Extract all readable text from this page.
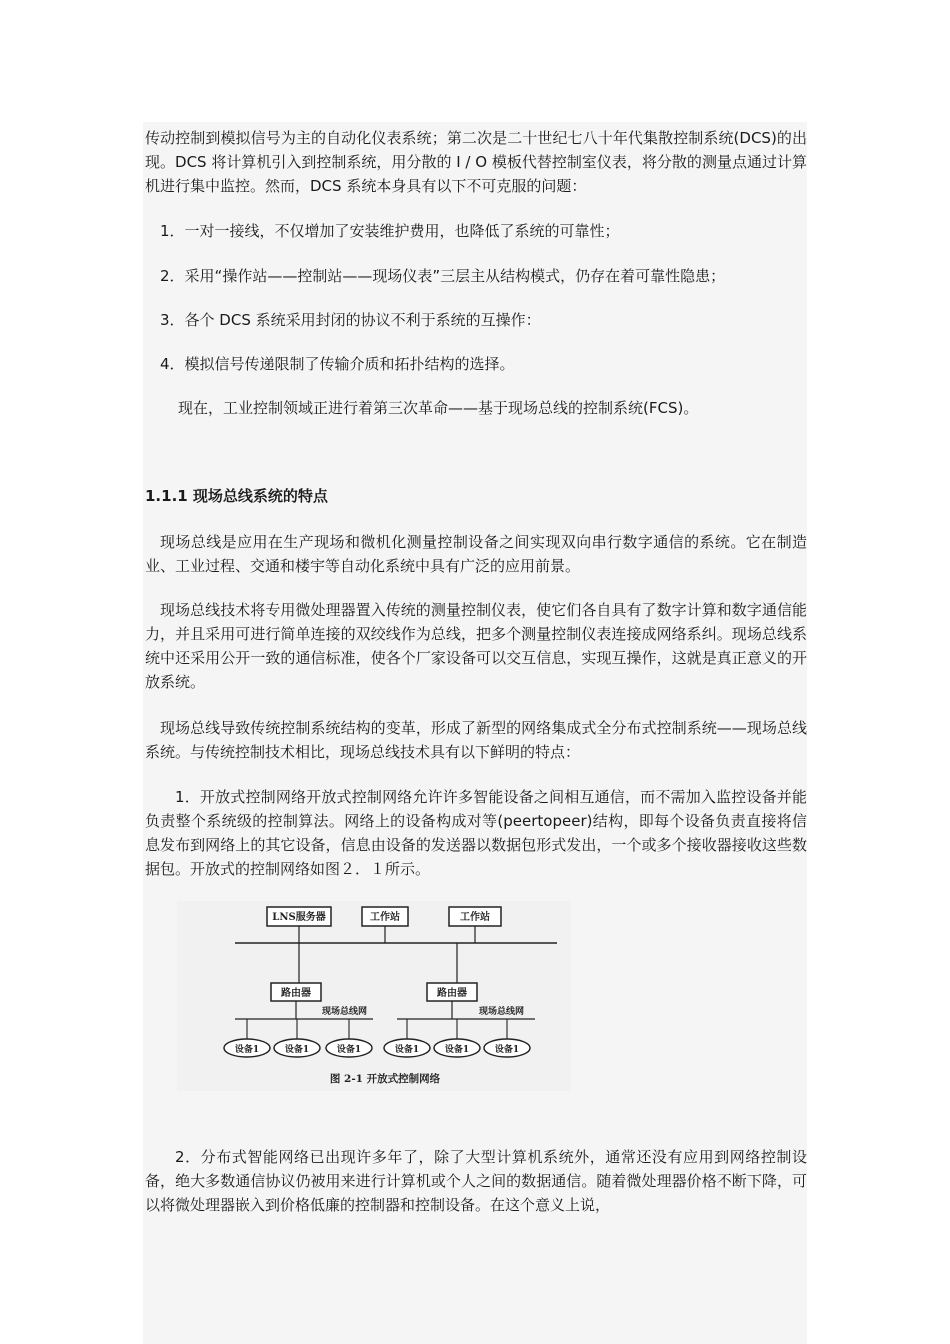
传动控制到模拟信号为主的自动化仪表系统；第二次是二十世纪七八十年代集散控制系统(DCS)的出现。DCS 将计算机引入到控制系统，用分散的 I / O 模板代替控制室仪表，将分散的测量点通过计算机进行集中监控。然而，DCS 系统本身具有以下不可克服的问题：
1．一对一接线，不仅增加了安装维护费用，也降低了系统的可靠性；
2．采用“操作站——控制站——现场仪表”三层主从结构模式，仍存在着可靠性隐患；
3．各个 DCS 系统采用封闭的协议不利于系统的互操作：
4．模拟信号传递限制了传输介质和拓扑结构的选择。
现在，工业控制领域正进行着第三次革命——基于现场总线的控制系统(FCS)。
1.1.1 现场总线系统的特点
现场总线是应用在生产现场和微机化测量控制设备之间实现双向串行数字通信的系统。它在制造业、工业过程、交通和楼宇等自动化系统中具有广泛的应用前景。
现场总线技术将专用微处理器置入传统的测量控制仪表，使它们各自具有了数字计算和数字通信能力，并且采用可进行简单连接的双绞线作为总线，把多个测量控制仪表连接成网络系纠。现场总线系统中还采用公开一致的通信标准，使各个厂家设备可以交互信息，实现互操作，这就是真正意义的开放系统。
现场总线导致传统控制系统结构的变革，形成了新型的网络集成式全分布式控制系统——现场总线系统。与传统控制技术相比，现场总线技术具有以下鲜明的特点：
1．开放式控制网络开放式控制网络允许许多智能设备之间相互通信，而不需加入监控设备并能负责整个系统级的控制算法。网络上的设备构成对等(peertopeer)结构，即每个设备负责直接将信息发布到网络上的其它设备，信息由设备的发送器以数据包形式发出，一个或多个接收器接收这些数据包。开放式的控制网络如图２．１所示。
LNS服务器	工作站	工作站
路由器	路由器
现场总线网	现场总线网
设备1	设备1	设备1	设备1	设备1	设备1
图 2-1 开放式控制网络
2．分布式智能网络已出现许多年了，除了大型计算机系统外，通常还没有应用到网络控制设备，绝大多数通信协议仍被用来进行计算机或个人之间的数据通信。随着微处理器价格不断下降，可以将微处理器嵌入到价格低廉的控制器和控制设备。在这个意义上说，
